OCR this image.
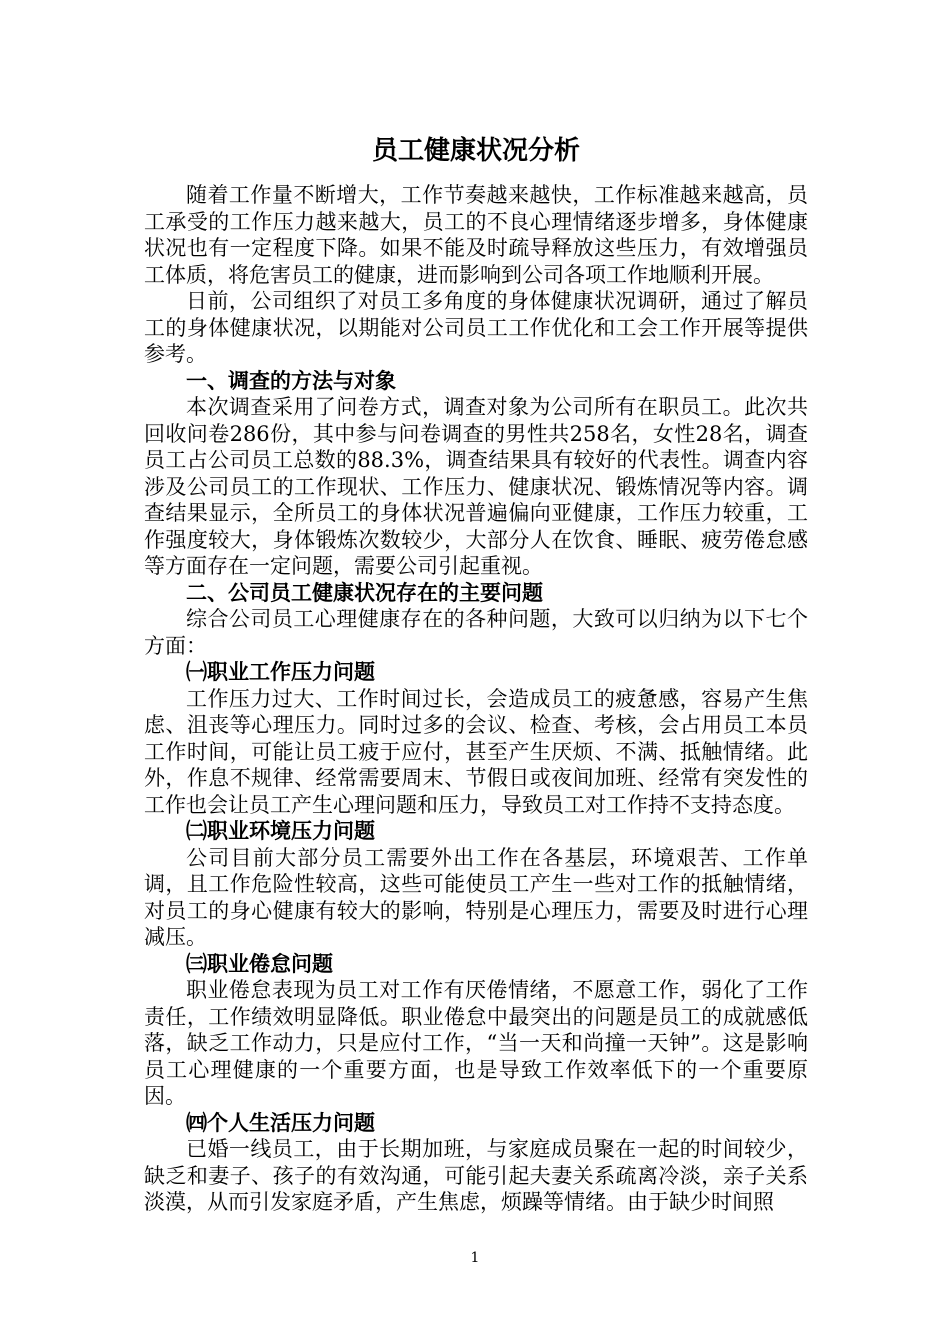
员工健康状况分析

随着工作量不断增大，工作节奏越来越快，工作标准越来越高，员工承受的工作压力越来越大，员工的不良心理情绪逐步增多，身体健康状况也有一定程度下降。如果不能及时疏导释放这些压力，有效增强员工体质，将危害员工的健康，进而影响到公司各项工作地顺利开展。

日前，公司组织了对员工多角度的身体健康状况调研，通过了解员工的身体健康状况，以期能对公司员工工作优化和工会工作开展等提供参考。

一、调查的方法与对象

本次调查采用了问卷方式，调查对象为公司所有在职员工。此次共回收问卷286份，其中参与问卷调查的男性共258名，女性28名，调查员工占公司员工总数的88.3%，调查结果具有较好的代表性。调查内容涉及公司员工的工作现状、工作压力、健康状况、锻炼情况等内容。调查结果显示，全所员工的身体状况普遍偏向亚健康，工作压力较重，工作强度较大，身体锻炼次数较少，大部分人在饮食、睡眠、疲劳倦怠感等方面存在一定问题，需要公司引起重视。

二、公司员工健康状况存在的主要问题

综合公司员工心理健康存在的各种问题，大致可以归纳为以下七个方面：

㈠职业工作压力问题

工作压力过大、工作时间过长，会造成员工的疲惫感，容易产生焦虑、沮丧等心理压力。同时过多的会议、检查、考核，会占用员工本员工作时间，可能让员工疲于应付，甚至产生厌烦、不满、抵触情绪。此外，作息不规律、经常需要周末、节假日或夜间加班、经常有突发性的工作也会让员工产生心理问题和压力，导致员工对工作持不支持态度。

㈡职业环境压力问题

公司目前大部分员工需要外出工作在各基层，环境艰苦、工作单调，且工作危险性较高，这些可能使员工产生一些对工作的抵触情绪，对员工的身心健康有较大的影响，特别是心理压力，需要及时进行心理减压。

㈢职业倦怠问题

职业倦怠表现为员工对工作有厌倦情绪，不愿意工作，弱化了工作责任，工作绩效明显降低。职业倦怠中最突出的问题是员工的成就感低落，缺乏工作动力，只是应付工作，“当一天和尚撞一天钟”。这是影响员工心理健康的一个重要方面，也是导致工作效率低下的一个重要原因。

㈣个人生活压力问题

已婚一线员工，由于长期加班，与家庭成员聚在一起的时间较少，缺乏和妻子、孩子的有效沟通，可能引起夫妻关系疏离冷淡，亲子关系淡漠，从而引发家庭矛盾，产生焦虑，烦躁等情绪。由于缺少时间照

1
